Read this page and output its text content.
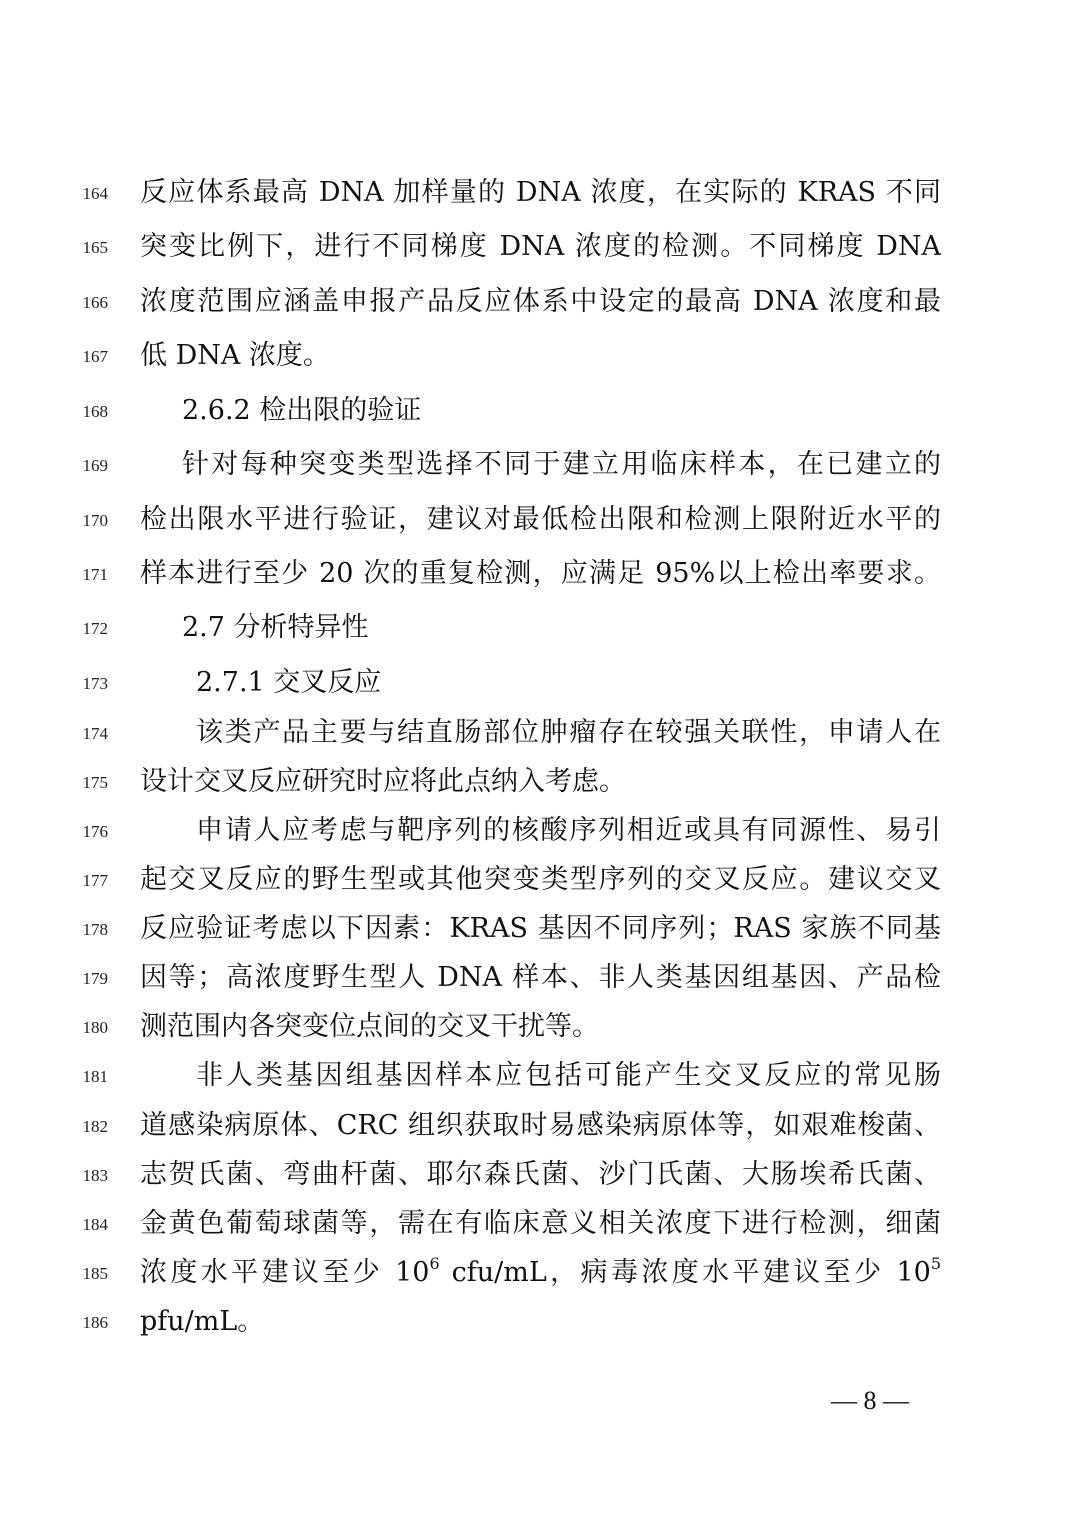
164 反应体系最高 DNA 加样量的 DNA 浓度，在实际的 KRAS 不同
165 突变比例下，进行不同梯度 DNA 浓度的检测。不同梯度 DNA
166 浓度范围应涵盖申报产品反应体系中设定的最高 DNA 浓度和最
167 低 DNA 浓度。
168	2.6.2 检出限的验证
169	针对每种突变类型选择不同于建立用临床样本，在已建立的
170 检出限水平进行验证，建议对最低检出限和检测上限附近水平的
171 样本进行至少 20 次的重复检测，应满足 95%以上检出率要求。
172	2.7 分析特异性
173	2.7.1 交叉反应
174	该类产品主要与结直肠部位肿瘤存在较强关联性，申请人在
175 设计交叉反应研究时应将此点纳入考虑。
176	申请人应考虑与靶序列的核酸序列相近或具有同源性、易引
177 起交叉反应的野生型或其他突变类型序列的交叉反应。建议交叉
178 反应验证考虑以下因素：KRAS 基因不同序列；RAS 家族不同基
179 因等；高浓度野生型人 DNA 样本、非人类基因组基因、产品检
180 测范围内各突变位点间的交叉干扰等。
181	非人类基因组基因样本应包括可能产生交叉反应的常见肠
182 道感染病原体、CRC 组织获取时易感染病原体等，如艰难梭菌、
183 志贺氏菌、弯曲杆菌、耶尔森氏菌、沙门氏菌、大肠埃希氏菌、
184 金黄色葡萄球菌等，需在有临床意义相关浓度下进行检测，细菌
185 浓度水平建议至少 $10^6$ cfu/mL，病毒浓度水平建议至少 $10^5$
186 pfu/mL。
— 8 —
